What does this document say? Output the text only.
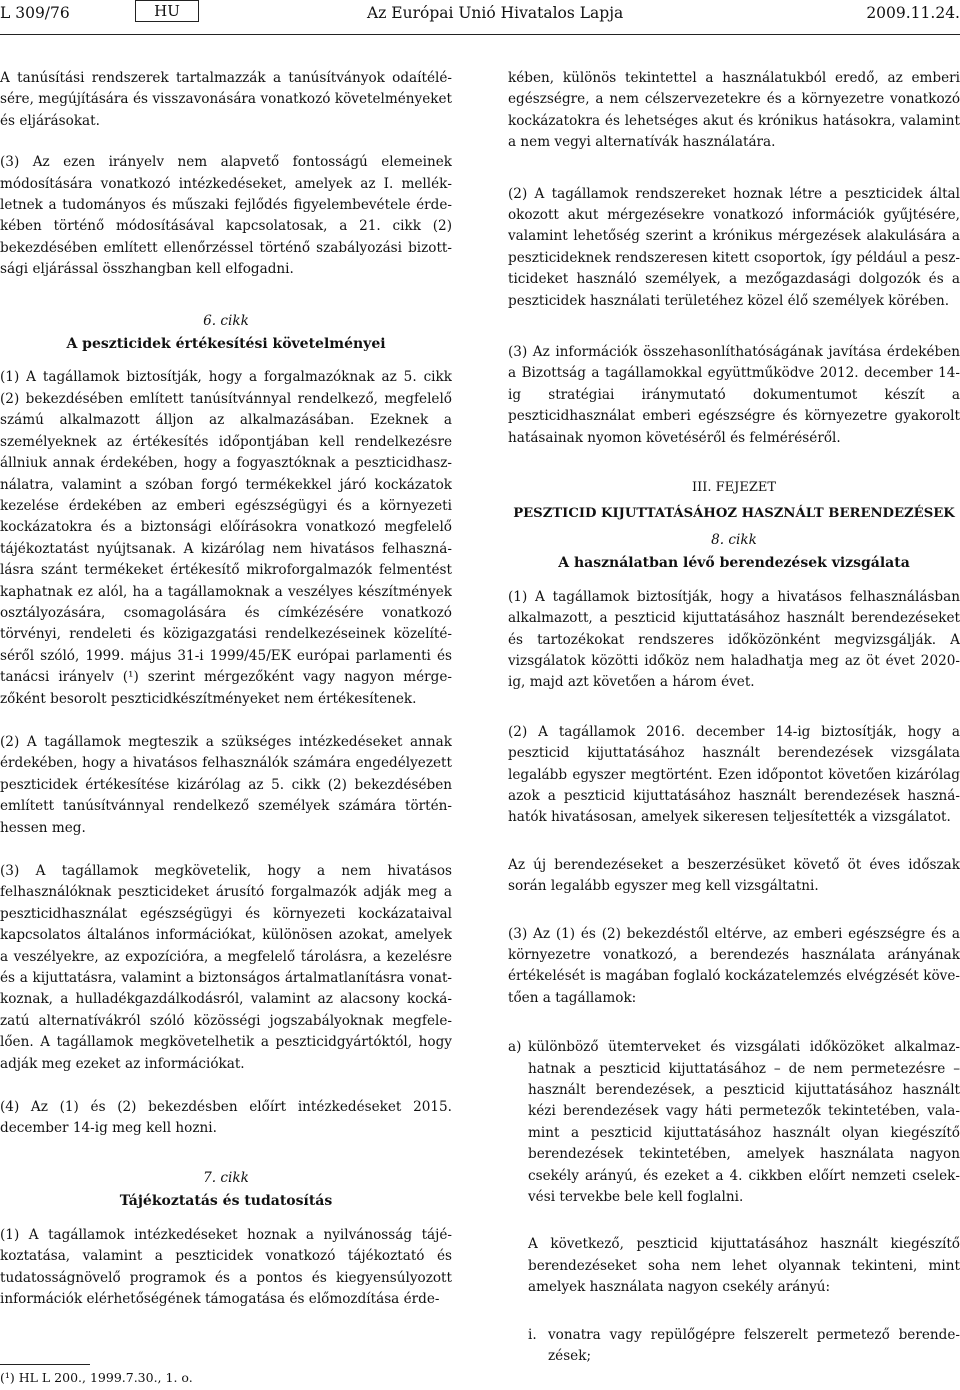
L 309/76	HU	Az Európai Unió Hivatalos Lapja	2009.11.24.

A tanúsítási rendszerek tartalmazzák a tanúsítványok odaítélésére, megújítására és visszavonására vonatkozó követelményeket és eljárásokat.

(3) Az ezen irányelv nem alapvető fontosságú elemeinek módosítására vonatkozó intézkedéseket, amelyek az I. mellékletnek a tudományos és műszaki fejlődés figyelembevétele érdekében történő módosításával kapcsolatosak, a 21. cikk (2) bekezdésében említett ellenőrzéssel történő szabályozási bizottsági eljárással összhangban kell elfogadni.

6. cikk

A peszticidek értékesítési követelményei

(1) A tagállamok biztosítják, hogy a forgalmazóknak az 5. cikk (2) bekezdésében említett tanúsítvánnyal rendelkező, megfelelő számú alkalmazott álljon az alkalmazásában. Ezeknek a személyeknek az értékesítés időpontjában kell rendelkezésre állniuk annak érdekében, hogy a fogyasztóknak a peszticidhasználatra, valamint a szóban forgó termékekkel járó kockázatok kezelése érdekében az emberi egészségügyi és a környezeti kockázatokra és a biztonsági előírásokra vonatkozó megfelelő tájékoztatást nyújtsanak. A kizárólag nem hivatásos felhasználásra szánt termékeket értékesítő mikroforgalmazók felmentést kaphatnak ez alól, ha a tagállamoknak a veszélyes készítmények osztályozására, csomagolására és címkézésére vonatkozó törvényi, rendeleti és közigazgatási rendelkezéseinek közelítéséről szóló, 1999. május 31-i 1999/45/EK európai parlamenti és tanácsi irányelv (¹) szerint mérgezőként vagy nagyon mérgezőként besorolt peszticidkészítményeket nem értékesítenek.

(2) A tagállamok megteszik a szükséges intézkedéseket annak érdekében, hogy a hivatásos felhasználók számára engedélyezett peszticidek értékesítése kizárólag az 5. cikk (2) bekezdésében említett tanúsítvánnyal rendelkező személyek számára történhessen meg.

(3) A tagállamok megkövetelik, hogy a nem hivatásos felhasználóknak peszticideket árusító forgalmazók adják meg a peszticidhasználat egészségügyi és környezeti kockázataival kapcsolatos általános információkat, különösen azokat, amelyek a veszélyekre, az expozícióra, a megfelelő tárolásra, a kezelésre és a kijuttatásra, valamint a biztonságos ártalmatlanításra vonatkoznak, a hulladékgazdálkodásról, valamint az alacsony kockázatú alternatívákról szóló közösségi jogszabályoknak megfelelően. A tagállamok megkövetelhetik a peszticidgyártóktól, hogy adják meg ezeket az információkat.

(4) Az (1) és (2) bekezdésben előírt intézkedéseket 2015. december 14-ig meg kell hozni.

7. cikk

Tájékoztatás és tudatosítás

(1) A tagállamok intézkedéseket hoznak a nyilvánosság tájékoztatása, valamint a peszticidek vonatkozó tájékoztató és tudatosságnövelő programok és a pontos és kiegyensúlyozott információk elérhetőségének támogatása és előmozdítása érde-

kében, különös tekintettel a használatukból eredő, az emberi egészségre, a nem célszervezetekre és a környezetre vonatkozó kockázatokra és lehetséges akut és krónikus hatásokra, valamint a nem vegyi alternatívák használatára.

(2) A tagállamok rendszereket hoznak létre a peszticidek által okozott akut mérgezésekre vonatkozó információk gyűjtésére, valamint lehetőség szerint a krónikus mérgezések alakulására a peszticideknek rendszeresen kitett csoportok, így például a peszticideket használó személyek, a mezőgazdasági dolgozók és a peszticidek használati területéhez közel élő személyek körében.

(3) Az információk összehasonlíthatóságának javítása érdekében a Bizottság a tagállamokkal együttműködve 2012. december 14-ig stratégiai iránymutató dokumentumot készít a peszticidhasználat emberi egészségre és környezetre gyakorolt hatásainak nyomon követéséről és felméréséről.

III. FEJEZET

PESZTICID KIJUTTATÁSÁHOZ HASZNÁLT BERENDEZÉSEK

8. cikk

A használatban lévő berendezések vizsgálata

(1) A tagállamok biztosítják, hogy a hivatásos felhasználásban alkalmazott, a peszticid kijuttatásához használt berendezéseket és tartozékokat rendszeres időközönként megvizsgálják. A vizsgálatok közötti időköz nem haladhatja meg az öt évet 2020-ig, majd azt követően a három évet.

(2) A tagállamok 2016. december 14-ig biztosítják, hogy a peszticid kijuttatásához használt berendezések vizsgálata legalább egyszer megtörtént. Ezen időpontot követően kizárólag azok a peszticid kijuttatásához használt berendezések hasznáhatók hivatásosan, amelyek sikeresen teljesítették a vizsgálatot.

Az új berendezéseket a beszerzésüket követő öt éves időszak során legalább egyszer meg kell vizsgáltatni.

(3) Az (1) és (2) bekezdéstől eltérve, az emberi egészségre és a környezetre vonatkozó, a berendezés használata arányának értékelését is magában foglaló kockázatelemzés elvégzését követően a tagállamok:

a) különböző ütemterveket és vizsgálati időközöket alkalmazhatnak a peszticid kijuttatásához – de nem permetezésre – használt berendezések, a peszticid kijuttatásához használt kézi berendezések vagy háti permetezők tekintetében, valamint a peszticid kijuttatásához használt olyan kiegészítő berendezések tekintetében, amelyek használata nagyon csekély arányú, és ezeket a 4. cikkben előírt nemzeti cselekvési tervekbe bele kell foglalni.

A következő, peszticid kijuttatásához használt kiegészítő berendezéseket soha nem lehet olyannak tekinteni, mint amelyek használata nagyon csekély arányú:

i. vonatra vagy repülőgépre felszerelt permetező berendezések;
(¹) HL L 200., 1999.7.30., 1. o.
